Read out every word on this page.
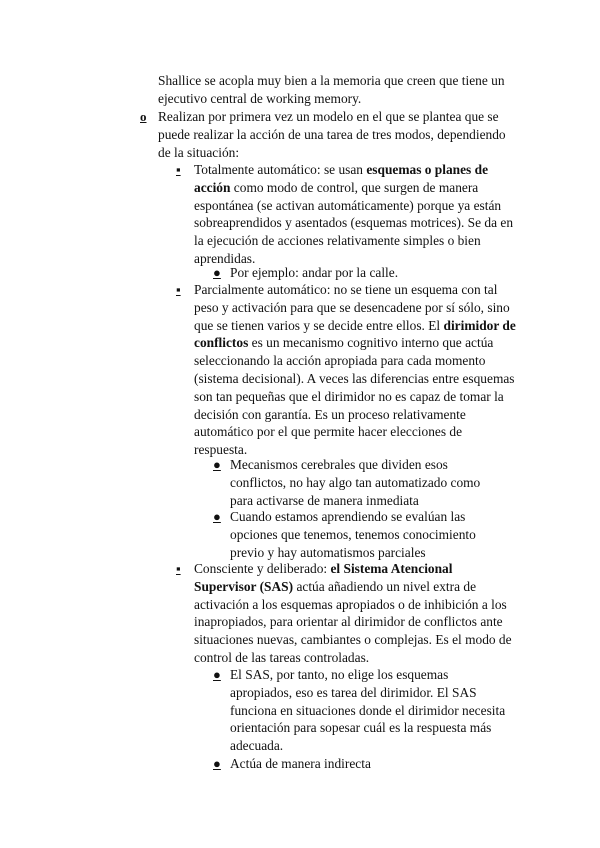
Shallice se acopla muy bien a la memoria que creen que tiene un ejecutivo central de working memory.

o Realizan por primera vez un modelo en el que se plantea que se puede realizar la acción de una tarea de tres modos, dependiendo de la situación:

▪ Totalmente automático: se usan esquemas o planes de acción como modo de control, que surgen de manera espontánea (se activan automáticamente) porque ya están sobreaprendidos y asentados (esquemas motrices). Se da en la ejecución de acciones relativamente simples o bien aprendidas.

● Por ejemplo: andar por la calle.

▪ Parcialmente automático: no se tiene un esquema con tal peso y activación para que se desencadene por sí sólo, sino que se tienen varios y se decide entre ellos. El dirimidor de conflictos es un mecanismo cognitivo interno que actúa seleccionando la acción apropiada para cada momento (sistema decisional). A veces las diferencias entre esquemas son tan pequeñas que el dirimidor no es capaz de tomar la decisión con garantía. Es un proceso relativamente automático por el que permite hacer elecciones de respuesta.

● Mecanismos cerebrales que dividen esos conflictos, no hay algo tan automatizado como para activarse de manera inmediata

● Cuando estamos aprendiendo se evalúan las opciones que tenemos, tenemos conocimiento previo y hay automatismos parciales

▪ Consciente y deliberado: el Sistema Atencional Supervisor (SAS) actúa añadiendo un nivel extra de activación a los esquemas apropiados o de inhibición a los inapropiados, para orientar al dirimidor de conflictos ante situaciones nuevas, cambiantes o complejas. Es el modo de control de las tareas controladas.

● El SAS, por tanto, no elige los esquemas apropiados, eso es tarea del dirimidor. El SAS funciona en situaciones donde el dirimidor necesita orientación para sopesar cuál es la respuesta más adecuada.

● Actúa de manera indirecta
